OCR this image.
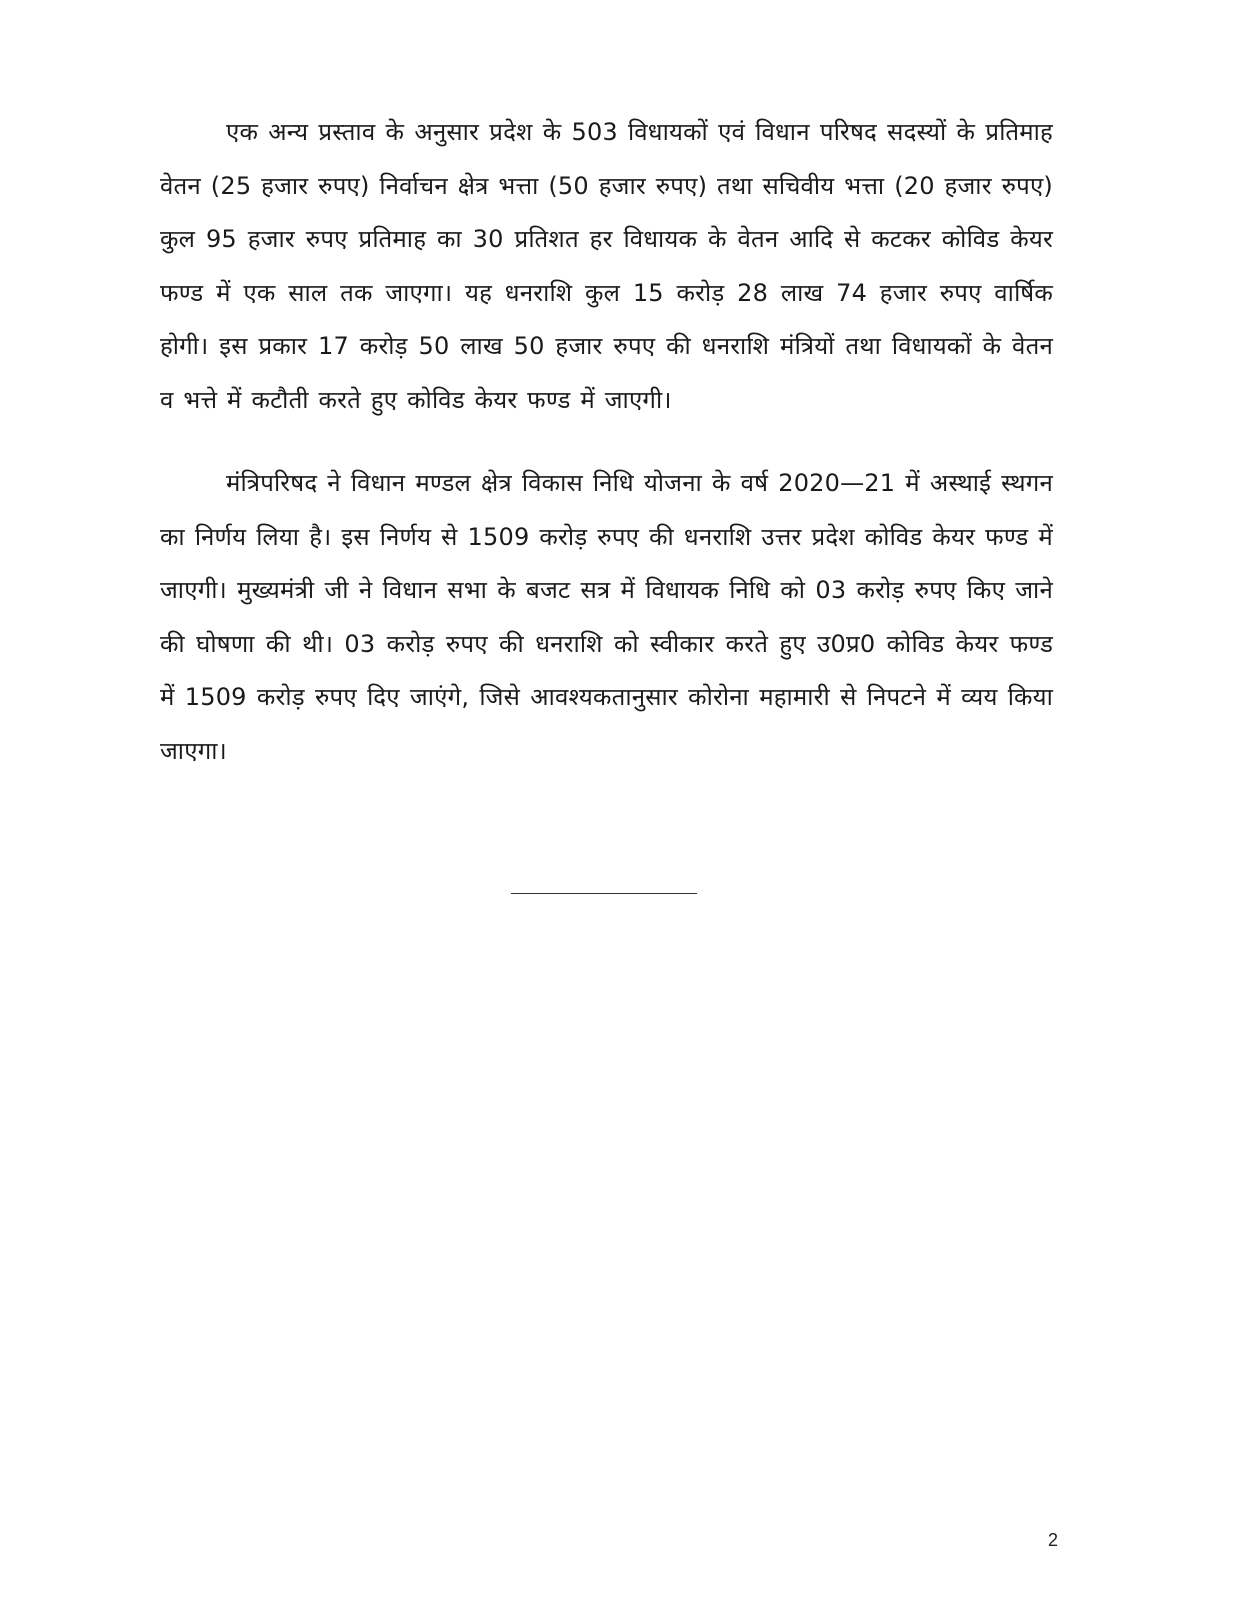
एक अन्य प्रस्ताव के अनुसार प्रदेश के 503 विधायकों एवं विधान परिषद सदस्यों के प्रतिमाह वेतन (25 हजार रुपए) निर्वाचन क्षेत्र भत्ता (50 हजार रुपए) तथा सचिवीय भत्ता (20 हजार रुपए) कुल 95 हजार रुपए प्रतिमाह का 30 प्रतिशत हर विधायक के वेतन आदि से कटकर कोविड केयर फण्ड में एक साल तक जाएगा। यह धनराशि कुल 15 करोड़ 28 लाख 74 हजार रुपए वार्षिक होगी। इस प्रकार 17 करोड़ 50 लाख 50 हजार रुपए की धनराशि मंत्रियों तथा विधायकों के वेतन व भत्ते में कटौती करते हुए कोविड केयर फण्ड में जाएगी।

मंत्रिपरिषद ने विधान मण्डल क्षेत्र विकास निधि योजना के वर्ष 2020—21 में अस्थाई स्थगन का निर्णय लिया है। इस निर्णय से 1509 करोड़ रुपए की धनराशि उत्तर प्रदेश कोविड केयर फण्ड में जाएगी। मुख्यमंत्री जी ने विधान सभा के बजट सत्र में विधायक निधि को 03 करोड़ रुपए किए जाने की घोषणा की थी। 03 करोड़ रुपए की धनराशि को स्वीकार करते हुए उ0प्र0 कोविड केयर फण्ड में 1509 करोड़ रुपए दिए जाएंगे, जिसे आवश्यकतानुसार कोरोना महामारी से निपटने में व्यय किया जाएगा।

2
